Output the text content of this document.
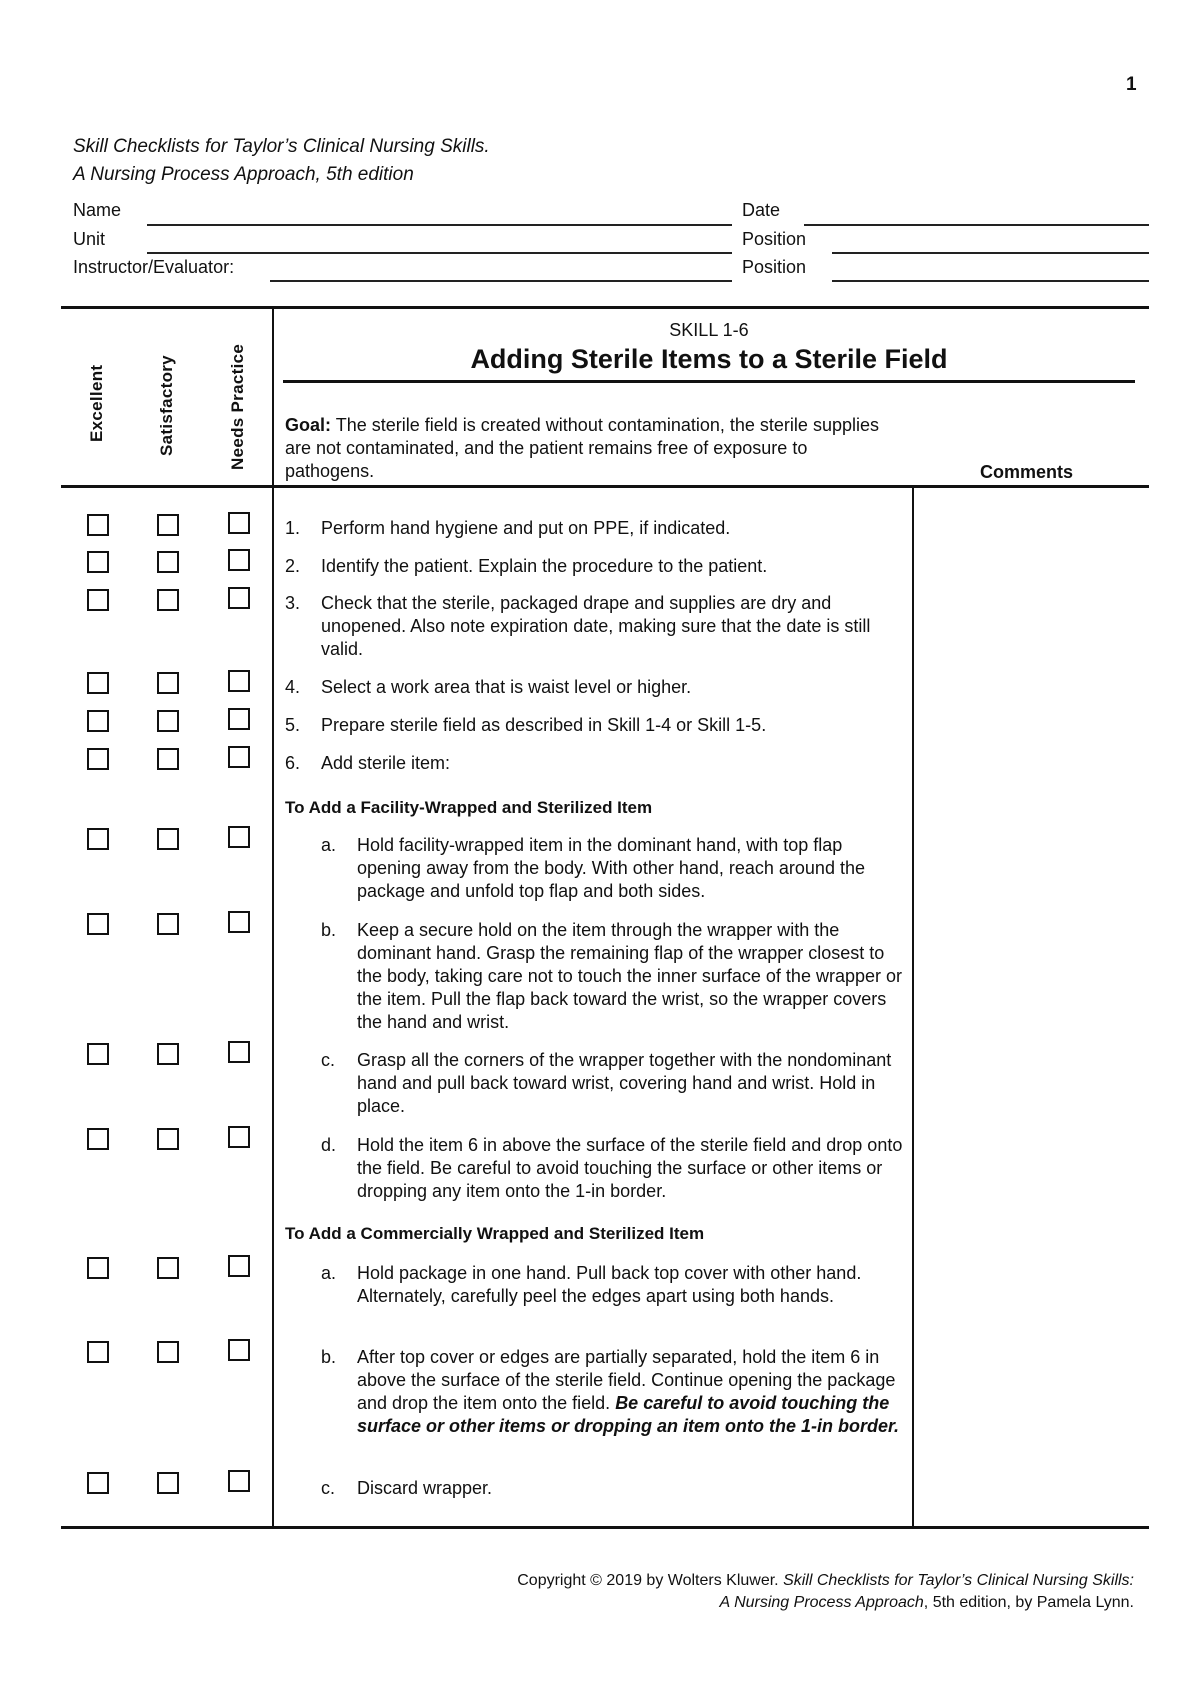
1
Skill Checklists for Taylor’s Clinical Nursing Skills.
A Nursing Process Approach, 5th edition
Name	Date
Unit	Position
Instructor/Evaluator:	Position
Excellent	Satisfactory	Needs Practice
SKILL 1-6
Adding Sterile Items to a Sterile Field
Goal: The sterile field is created without contamination, the sterile supplies are not contaminated, and the patient remains free of exposure to pathogens.	Comments
1.	Perform hand hygiene and put on PPE, if indicated.
2.	Identify the patient. Explain the procedure to the patient.
3.	Check that the sterile, packaged drape and supplies are dry and unopened. Also note expiration date, making sure that the date is still valid.
4.	Select a work area that is waist level or higher.
5.	Prepare sterile field as described in Skill 1-4 or Skill 1-5.
6.	Add sterile item:
To Add a Facility-Wrapped and Sterilized Item
a.	Hold facility-wrapped item in the dominant hand, with top flap opening away from the body. With other hand, reach around the package and unfold top flap and both sides.
b.	Keep a secure hold on the item through the wrapper with the dominant hand. Grasp the remaining flap of the wrapper closest to the body, taking care not to touch the inner surface of the wrapper or the item. Pull the flap back toward the wrist, so the wrapper covers the hand and wrist.
c.	Grasp all the corners of the wrapper together with the nondominant hand and pull back toward wrist, covering hand and wrist. Hold in place.
d.	Hold the item 6 in above the surface of the sterile field and drop onto the field. Be careful to avoid touching the surface or other items or dropping any item onto the 1-in border.
To Add a Commercially Wrapped and Sterilized Item
a.	Hold package in one hand. Pull back top cover with other hand. Alternately, carefully peel the edges apart using both hands.
b.	After top cover or edges are partially separated, hold the item 6 in above the surface of the sterile field. Continue opening the package and drop the item onto the field. Be careful to avoid touching the surface or other items or dropping an item onto the 1-in border.
c.	Discard wrapper.
Copyright © 2019 by Wolters Kluwer. Skill Checklists for Taylor’s Clinical Nursing Skills:
A Nursing Process Approach, 5th edition, by Pamela Lynn.
